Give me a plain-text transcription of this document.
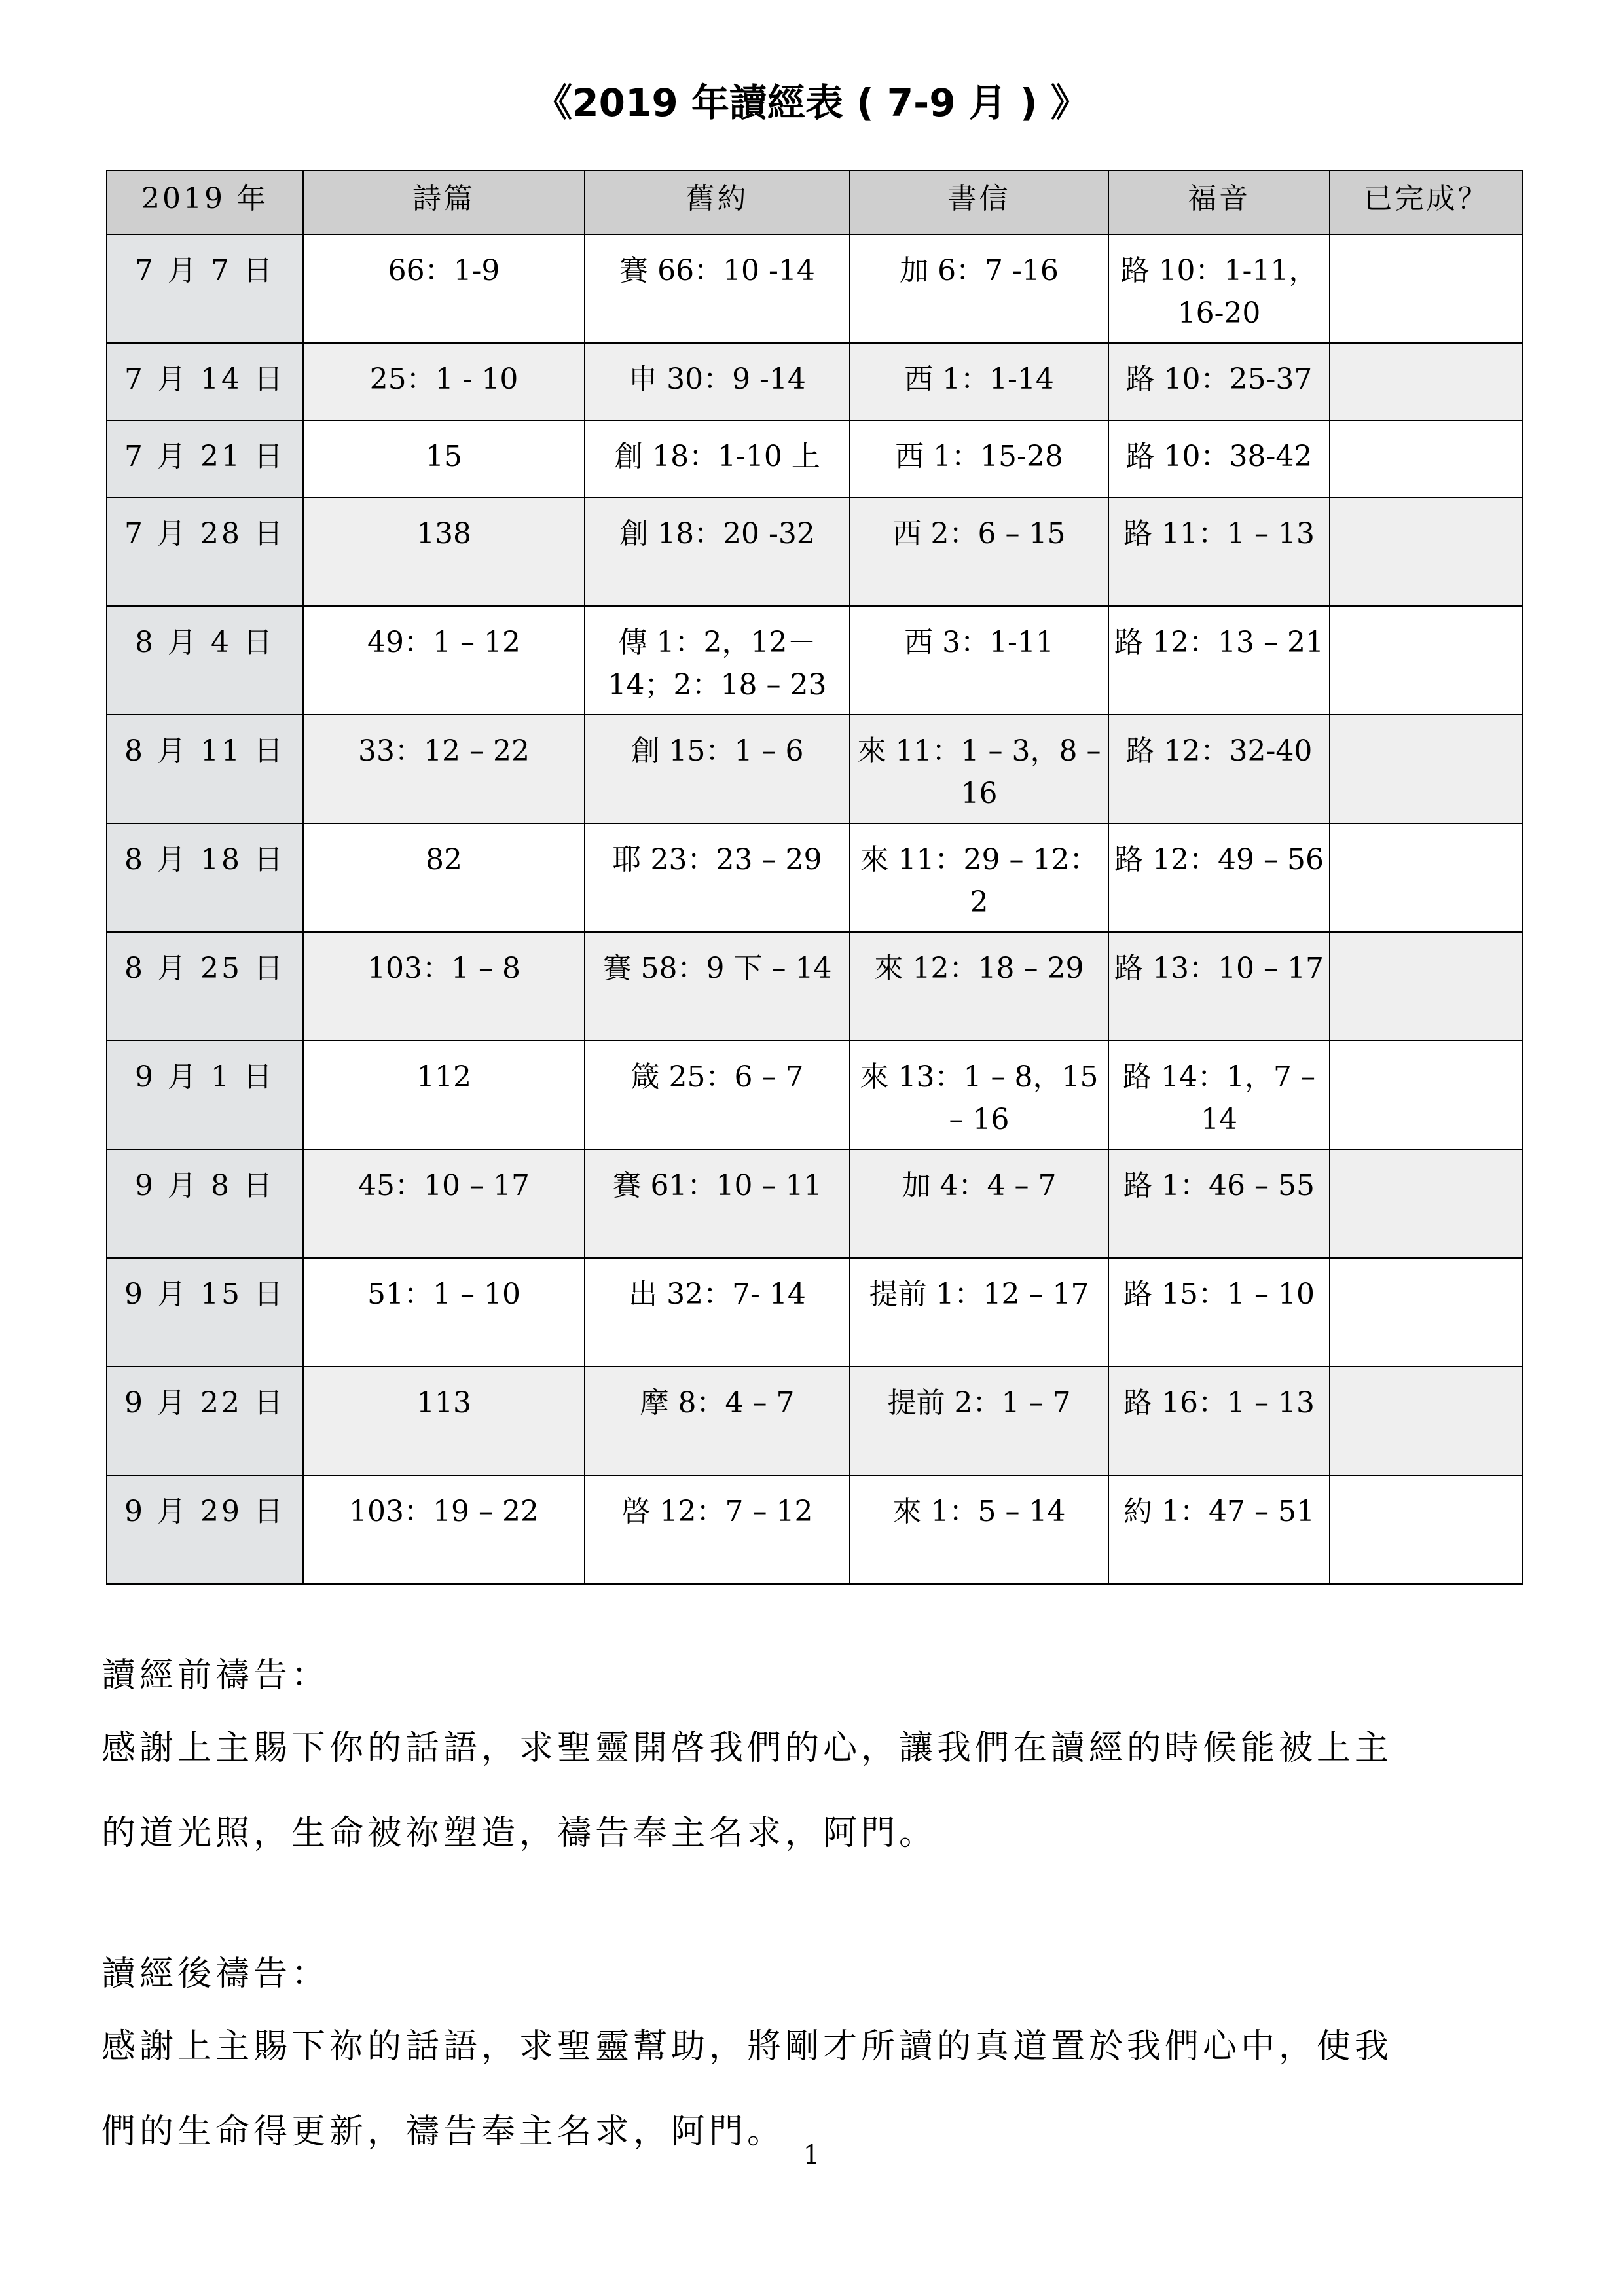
《2019 年讀經表 ( 7-9 月 ) 》
2019 年	詩篇	舊約	書信	福音	已完成？
7 月 7 日	66：1-9	賽 66：10 -14	加 6：7 -16	路 10：1-11，16-20	
7 月 14 日	25：1 - 10	申 30：9 -14	西 1：1-14	路 10：25-37	
7 月 21 日	15	創 18：1-10 上	西 1：15-28	路 10：38-42	
7 月 28 日	138	創 18：20 -32	西 2：6 – 15	路 11：1 – 13	
8 月 4 日	49：1 – 12	傳 1：2，12－14；2：18 – 23	西 3：1-11	路 12：13 – 21	
8 月 11 日	33：12 – 22	創 15：1 – 6	來 11：1 – 3，8 – 16	路 12：32-40	
8 月 18 日	82	耶 23：23 – 29	來 11：29 – 12：2	路 12：49 – 56	
8 月 25 日	103：1 – 8	賽 58：9 下 – 14	來 12：18 – 29	路 13：10 – 17	
9 月 1 日	112	箴 25：6 – 7	來 13：1 – 8，15 – 16	路 14：1，7 – 14	
9 月 8 日	45：10 – 17	賽 61：10 – 11	加 4：4 – 7	路 1：46 – 55	
9 月 15 日	51：1 – 10	出 32：7- 14	提前 1：12 – 17	路 15：1 – 10	
9 月 22 日	113	摩 8：4 – 7	提前 2：1 – 7	路 16：1 – 13	
9 月 29 日	103：19 – 22	啓 12：7 – 12	來 1：5 – 14	約 1：47 – 51	
讀經前禱告：
感謝上主賜下你的話語，求聖靈開啓我們的心，讓我們在讀經的時候能被上主
的道光照，生命被祢塑造，禱告奉主名求，阿門。
讀經後禱告：
感謝上主賜下祢的話語，求聖靈幫助，將剛才所讀的真道置於我們心中，使我
們的生命得更新，禱告奉主名求，阿門。
1
